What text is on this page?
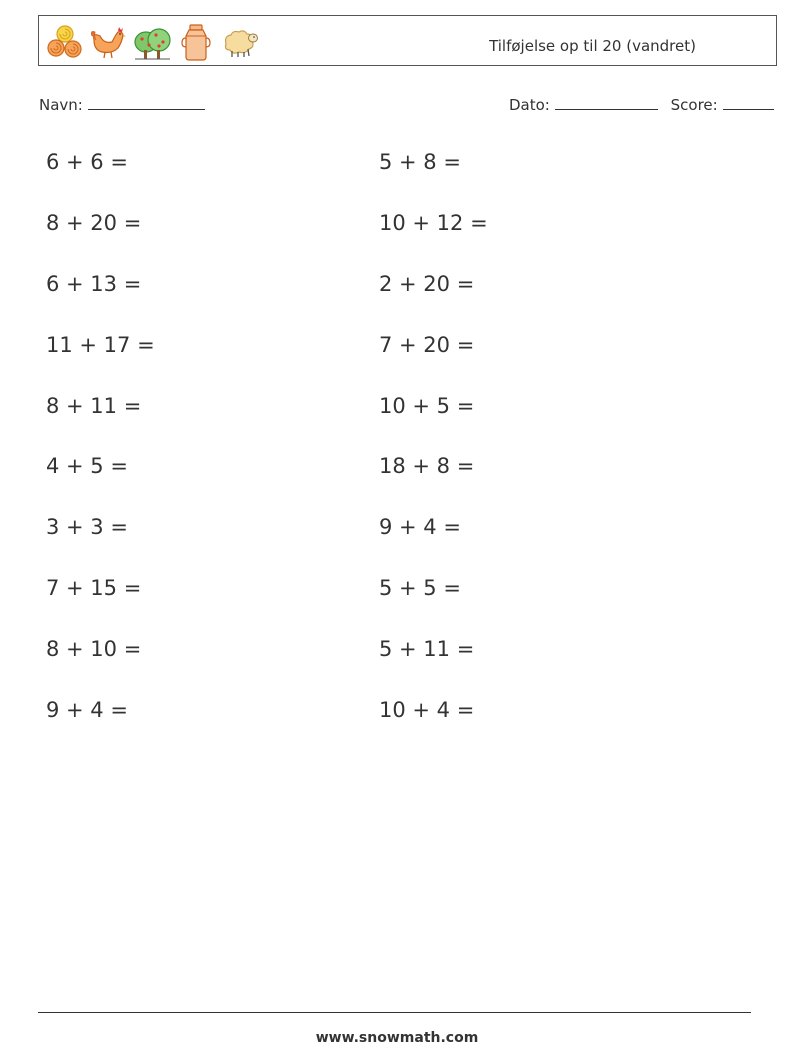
Tilføjelse op til 20 (vandret)
Navn:	Dato:	Score:
6 + 6 =
8 + 20 =
6 + 13 =
11 + 17 =
8 + 11 =
4 + 5 =
3 + 3 =
7 + 15 =
8 + 10 =
9 + 4 =
5 + 8 =
10 + 12 =
2 + 20 =
7 + 20 =
10 + 5 =
18 + 8 =
9 + 4 =
5 + 5 =
5 + 11 =
10 + 4 =
www.snowmath.com
